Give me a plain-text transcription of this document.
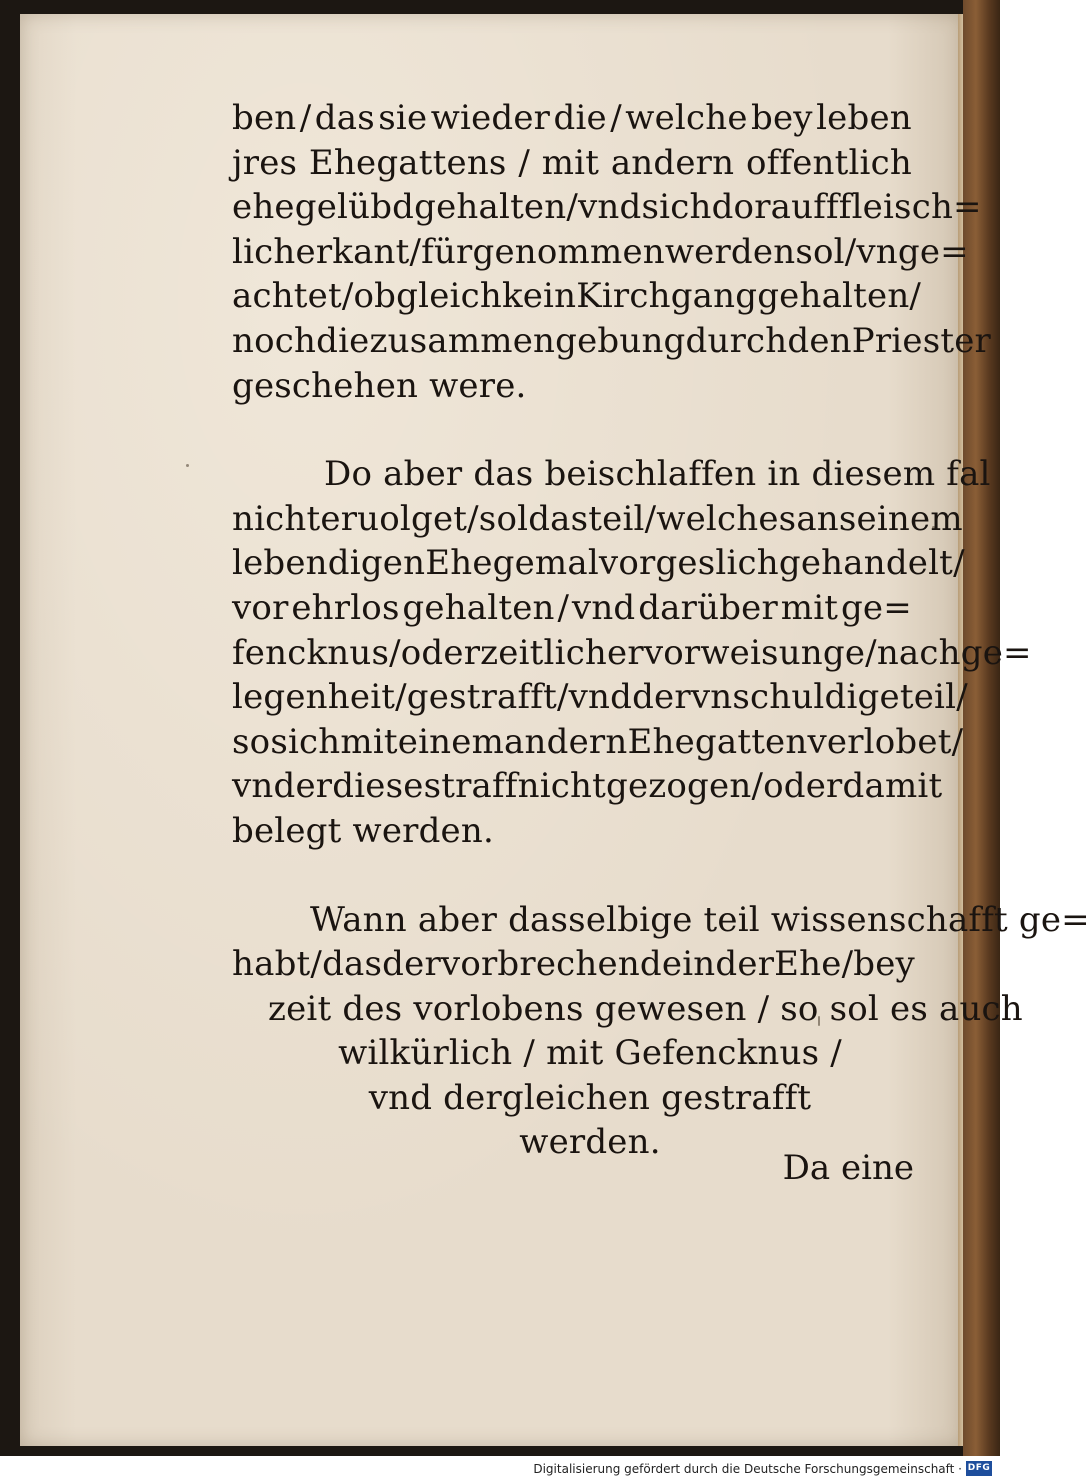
ben / das sie wieder die / welche bey leben
jres Ehegattens / mit andern offentlich
ehegelübd gehalten / vnd sich dorauff fleisch=
lich erkant / fürgenommen werden sol / vnge=
achtet / ob gleich kein Kirchgang gehalten /
noch die zusammengebung durch den Priester
geschehen were.
Do aber das beischlaffen in diesem fal
nicht eruolget / sol das teil / welches an seinem
lebendigen Ehegemal vorgeslich gehandelt /
vor ehrlos gehalten / vnd darüber mit ge=
fencknus / oder zeitlicher vorweisunge / nach ge=
legenheit / gestrafft / vnd der vnschuldige teil /
so sich mit einem andern Ehegatten verlobet /
vnder diese straff nicht gezogen / oder damit
belegt werden.
Wann aber dasselbige teil wissenschafft ge=
habt / das der vorbrechende in der Ehe / bey
zeit des vorlobens gewesen / so sol es auch
wilkürlich / mit Gefencknus /
vnd dergleichen gestrafft
werden.
Da eine
Digitalisierung gefördert durch die Deutsche Forschungsgemeinschaft · DFG
